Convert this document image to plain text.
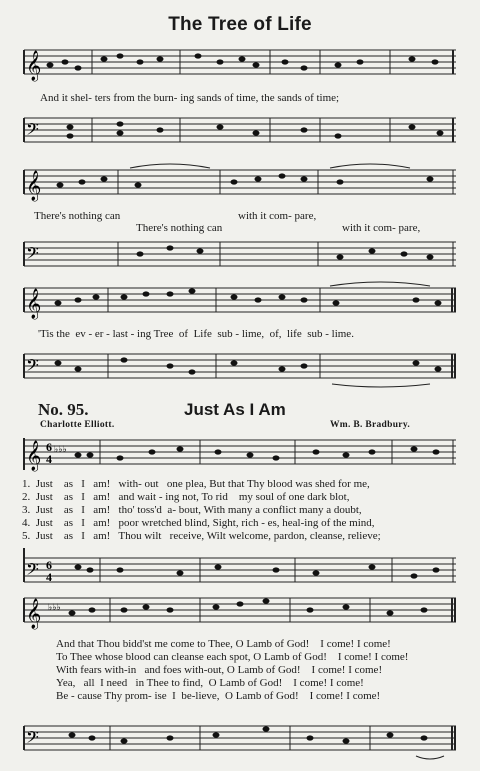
The Tree of Life
𝄞
And it shel- ters from the burn- ing sands of time, the sands of time;
𝄢
𝄞
There's nothing can	with it com- pare,
There's nothing can	with it com- pare,
𝄢
𝄞
'Tis the  ev - er - last - ing Tree  of  Life  sub - lime,  of,  life  sub - lime.
𝄢
No. 95.	Just As I Am
Charlotte Elliott.	Wm. B. Bradbury.
𝄞 ♭♭♭
6
4
1.  Just    as   I   am!   with- out   one plea, But that Thy blood was shed for me,
2.  Just    as   I   am!   and wait - ing not, To rid    my soul of one dark blot,
3.  Just    as   I   am!   tho' toss'd  a- bout, With many a conflict many a doubt,
4.  Just    as   I   am!   poor wretched blind, Sight, rich - es, heal-ing of the mind,
5.  Just    as   I   am!   Thou wilt   receive, Wilt welcome, pardon, cleanse, relieve;
𝄢 6
4
𝄞 ♭♭♭
And that Thou bidd'st me come to Thee, O Lamb of God!    I come! I come!
To Thee whose blood can cleanse each spot, O Lamb of God!    I come! I come!
With fears with-in   and foes with-out, O Lamb of God!    I come! I come!
Yea,   all  I need   in Thee to find,  O Lamb of God!    I come! I come!
Be - cause Thy prom- ise  I  be-lieve,  O Lamb of God!    I come! I come!
𝄢
